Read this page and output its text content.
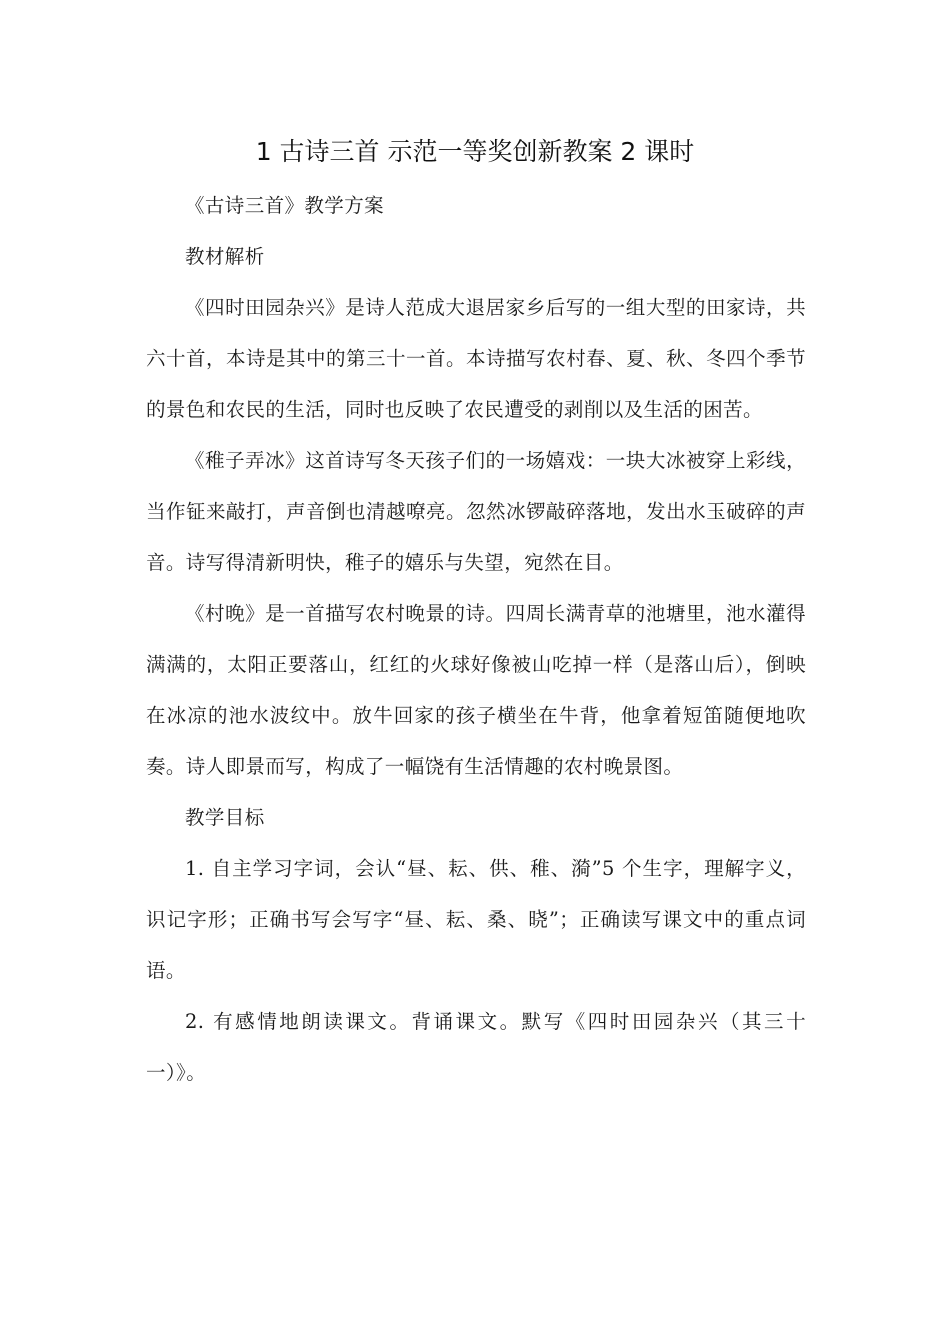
1 古诗三首 示范一等奖创新教案 2 课时

《古诗三首》教学方案

教材解析

《四时田园杂兴》是诗人范成大退居家乡后写的一组大型的田家诗，共六十首，本诗是其中的第三十一首。本诗描写农村春、夏、秋、冬四个季节的景色和农民的生活，同时也反映了农民遭受的剥削以及生活的困苦。

《稚子弄冰》这首诗写冬天孩子们的一场嬉戏：一块大冰被穿上彩线，当作钲来敲打，声音倒也清越嘹亮。忽然冰锣敲碎落地，发出水玉破碎的声音。诗写得清新明快，稚子的嬉乐与失望，宛然在目。

《村晚》是一首描写农村晚景的诗。四周长满青草的池塘里，池水灌得满满的，太阳正要落山，红红的火球好像被山吃掉一样（是落山后），倒映在冰凉的池水波纹中。放牛回家的孩子横坐在牛背，他拿着短笛随便地吹奏。诗人即景而写，构成了一幅饶有生活情趣的农村晚景图。

教学目标

1. 自主学习字词，会认“昼、耘、供、稚、漪”5 个生字，理解字义，识记字形；正确书写会写字“昼、耘、桑、晓”；正确读写课文中的重点词语。

2. 有感情地朗读课文。背诵课文。默写《四时田园杂兴（其三十一）》。
